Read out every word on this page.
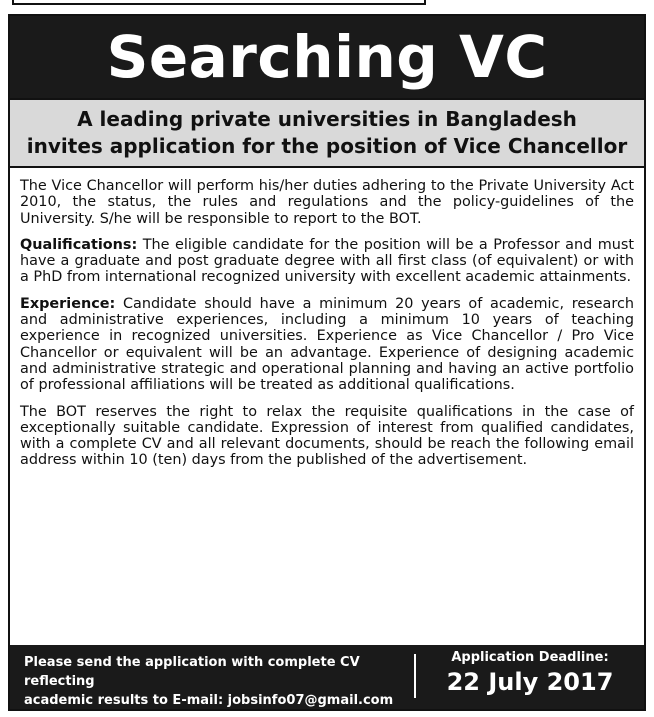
Searching VC
A leading private universities in Bangladesh
invites application for the position of Vice Chancellor

The Vice Chancellor will perform his/her duties adhering to the Private University Act 2010, the status, the rules and regulations and the policy-guidelines of the University. S/he will be responsible to report to the BOT.

Qualifications: The eligible candidate for the position will be a Professor and must have a graduate and post graduate degree with all first class (of equivalent) or with a PhD from international recognized university with excellent academic attainments.

Experience: Candidate should have a minimum 20 years of academic, research and administrative experiences, including a minimum 10 years of teaching experience in recognized universities. Experience as Vice Chancellor / Pro Vice Chancellor or equivalent will be an advantage. Experience of designing academic and administrative strategic and operational planning and having an active portfolio of professional affiliations will be treated as additional qualifications.

The BOT reserves the right to relax the requisite qualifications in the case of exceptionally suitable candidate. Expression of interest from qualified candidates, with a complete CV and all relevant documents, should be reach the following email address within 10 (ten) days from the published of the advertisement.

Please send the application with complete CV reflecting
academic results to E-mail: jobsinfo07@gmail.com
Application Deadline:
22 July 2017
